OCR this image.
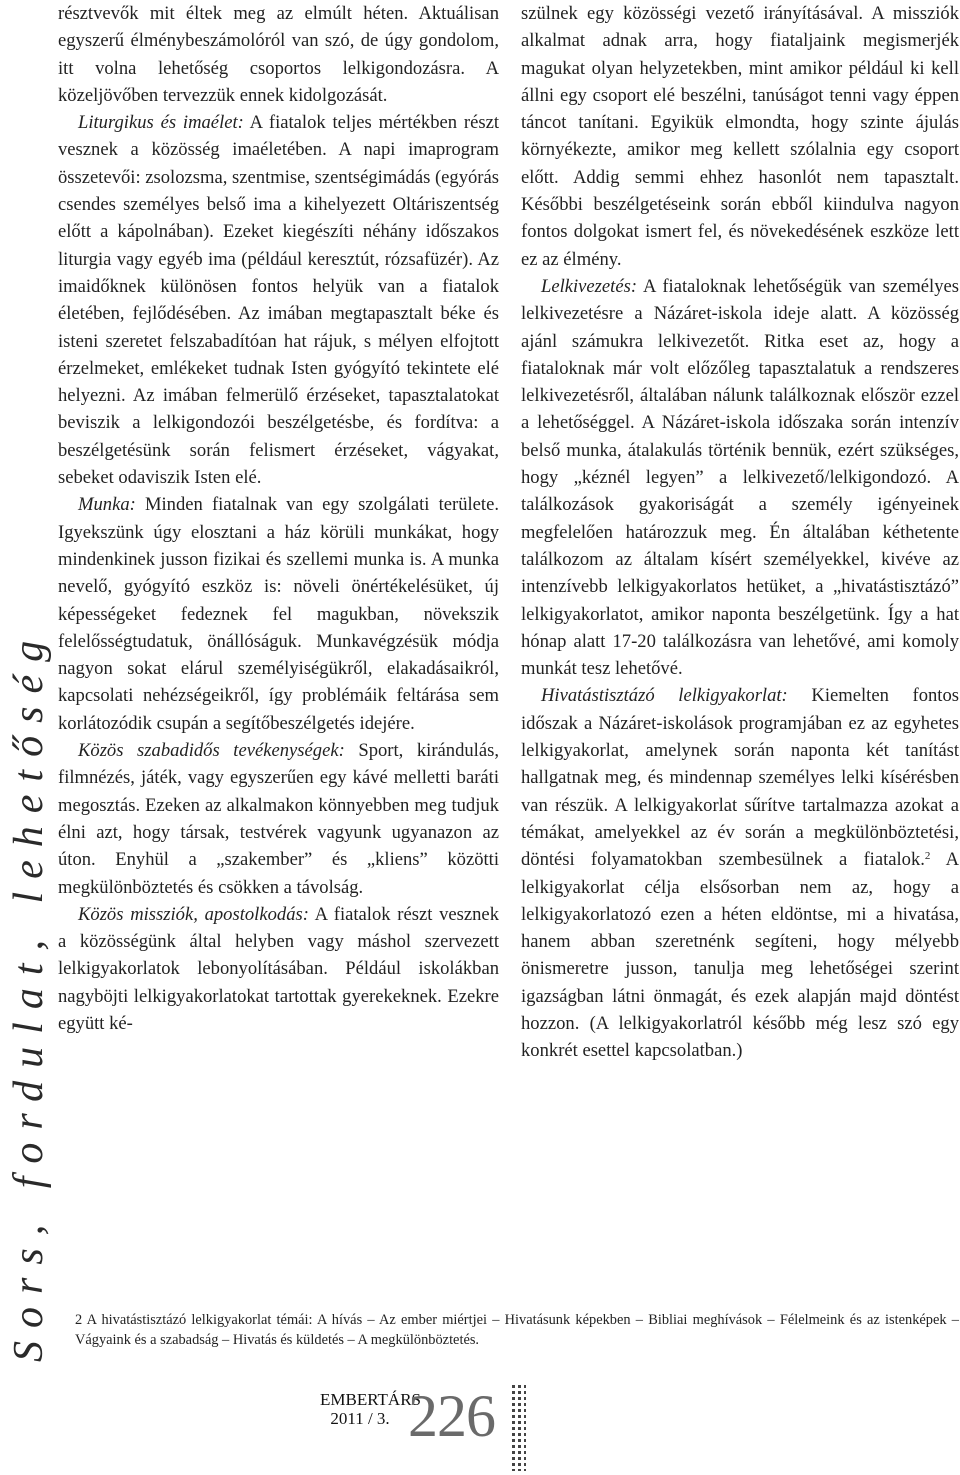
Sors, fordulat, lehetőség

résztvevők mit éltek meg az elmúlt héten. Aktuálisan egyszerű élménybeszámolóról van szó, de úgy gondolom, itt volna lehetőség csoportos lelkigondozásra. A közeljövőben tervezzük ennek kidolgozását.

Liturgikus és imaélet: A fiatalok teljes mértékben részt vesznek a közösség imaéletében. A napi imaprogram összetevői: zsolozsma, szentmise, szentségimádás (egyórás csendes személyes belső ima a kihelyezett Oltáriszentség előtt a kápolnában). Ezeket kiegészíti néhány időszakos liturgia vagy egyéb ima (például keresztút, rózsafüzér). Az imaidőknek különösen fontos helyük van a fiatalok életében, fejlődésében. Az imában megtapasztalt béke és isteni szeretet felszabadítóan hat rájuk, s mélyen elfojtott érzelmeket, emlékeket tudnak Isten gyógyító tekintete elé helyezni. Az imában felmerülő érzéseket, tapasztalatokat beviszik a lelkigondozói beszélgetésbe, és fordítva: a beszélgetésünk során felismert érzéseket, vágyakat, sebeket odaviszik Isten elé.

Munka: Minden fiatalnak van egy szolgálati területe. Igyekszünk úgy elosztani a ház körüli munkákat, hogy mindenkinek jusson fizikai és szellemi munka is. A munka nevelő, gyógyító eszköz is: növeli önértékelésüket, új képességeket fedeznek fel magukban, növekszik felelősségtudatuk, önállóságuk. Munkavégzésük módja nagyon sokat elárul személyiségükről, elakadásaikról, kapcsolati nehézségeikről, így problémáik feltárása sem korlátozódik csupán a segítőbeszélgetés idejére.

Közös szabadidős tevékenységek: Sport, kirándulás, filmnézés, játék, vagy egyszerűen egy kávé melletti baráti megosztás. Ezeken az alkalmakon könnyebben meg tudjuk élni azt, hogy társak, testvérek vagyunk ugyanazon az úton. Enyhül a „szakember” és „kliens” közötti megkülönböztetés és csökken a távolság.

Közös missziók, apostolkodás: A fiatalok részt vesznek a közösségünk által helyben vagy máshol szervezett lelkigyakorlatok lebonyolításában. Például iskolákban nagyböjti lelkigyakorlatokat tartottak gyerekeknek. Ezekre együtt ké-

szülnek egy közösségi vezető irányításával. A missziók alkalmat adnak arra, hogy fiataljaink megismerjék magukat olyan helyzetekben, mint amikor például ki kell állni egy csoport elé beszélni, tanúságot tenni vagy éppen táncot tanítani. Egyikük elmondta, hogy szinte ájulás környékezte, amikor meg kellett szólalnia egy csoport előtt. Addig semmi ehhez hasonlót nem tapasztalt. Későbbi beszélgetéseink során ebből kiindulva nagyon fontos dolgokat ismert fel, és növekedésének eszköze lett ez az élmény.

Lelkivezetés: A fiataloknak lehetőségük van személyes lelkivezetésre a Názáret-iskola ideje alatt. A közösség ajánl számukra lelkivezetőt. Ritka eset az, hogy a fiataloknak már volt előzőleg tapasztalatuk a rendszeres lelkivezetésről, általában nálunk találkoznak először ezzel a lehetőséggel. A Názáret-iskola időszaka során intenzív belső munka, átalakulás történik bennük, ezért szükséges, hogy „kéznél legyen” a lelkivezető/lelkigondozó. A találkozások gyakoriságát a személy igényeinek megfelelően határozzuk meg. Én általában kéthetente találkozom az általam kísért személyekkel, kivéve az intenzívebb lelkigyakorlatos hetüket, a „hivatástisztázó” lelkigyakorlatot, amikor naponta beszélgetünk. Így a hat hónap alatt 17-20 találkozásra van lehetővé, ami komoly munkát tesz lehetővé.

Hivatástisztázó lelkigyakorlat: Kiemelten fontos időszak a Názáret-iskolások programjában ez az egyhetes lelkigyakorlat, amelynek során naponta két tanítást hallgatnak meg, és mindennap személyes lelki kísérésben van részük. A lelkigyakorlat sűrítve tartalmazza azokat a témákat, amelyekkel az év során a megkülönböztetési, döntési folyamatokban szembesülnek a fiatalok.$^2$ A lelkigyakorlat célja elsősorban nem az, hogy a lelkigyakorlatozó ezen a héten eldöntse, mi a hivatása, hanem abban szeretnénk segíteni, hogy mélyebb önismeretre jusson, tanulja meg lehetőségei szerint igazságban látni önmagát, és ezek alapján majd döntést hozzon. (A lelkigyakorlatról később még lesz szó egy konkrét esettel kapcsolatban.)

2 A hivatástisztázó lelkigyakorlat témái: A hívás – Az ember miértjei – Hivatásunk képekben – Bibliai meghívások – Félelmeink és az istenképek – Vágyaink és a szabadság – Hivatás és küldetés – A megkülönböztetés.
EMBERTÁRS
2011 / 3. 226
